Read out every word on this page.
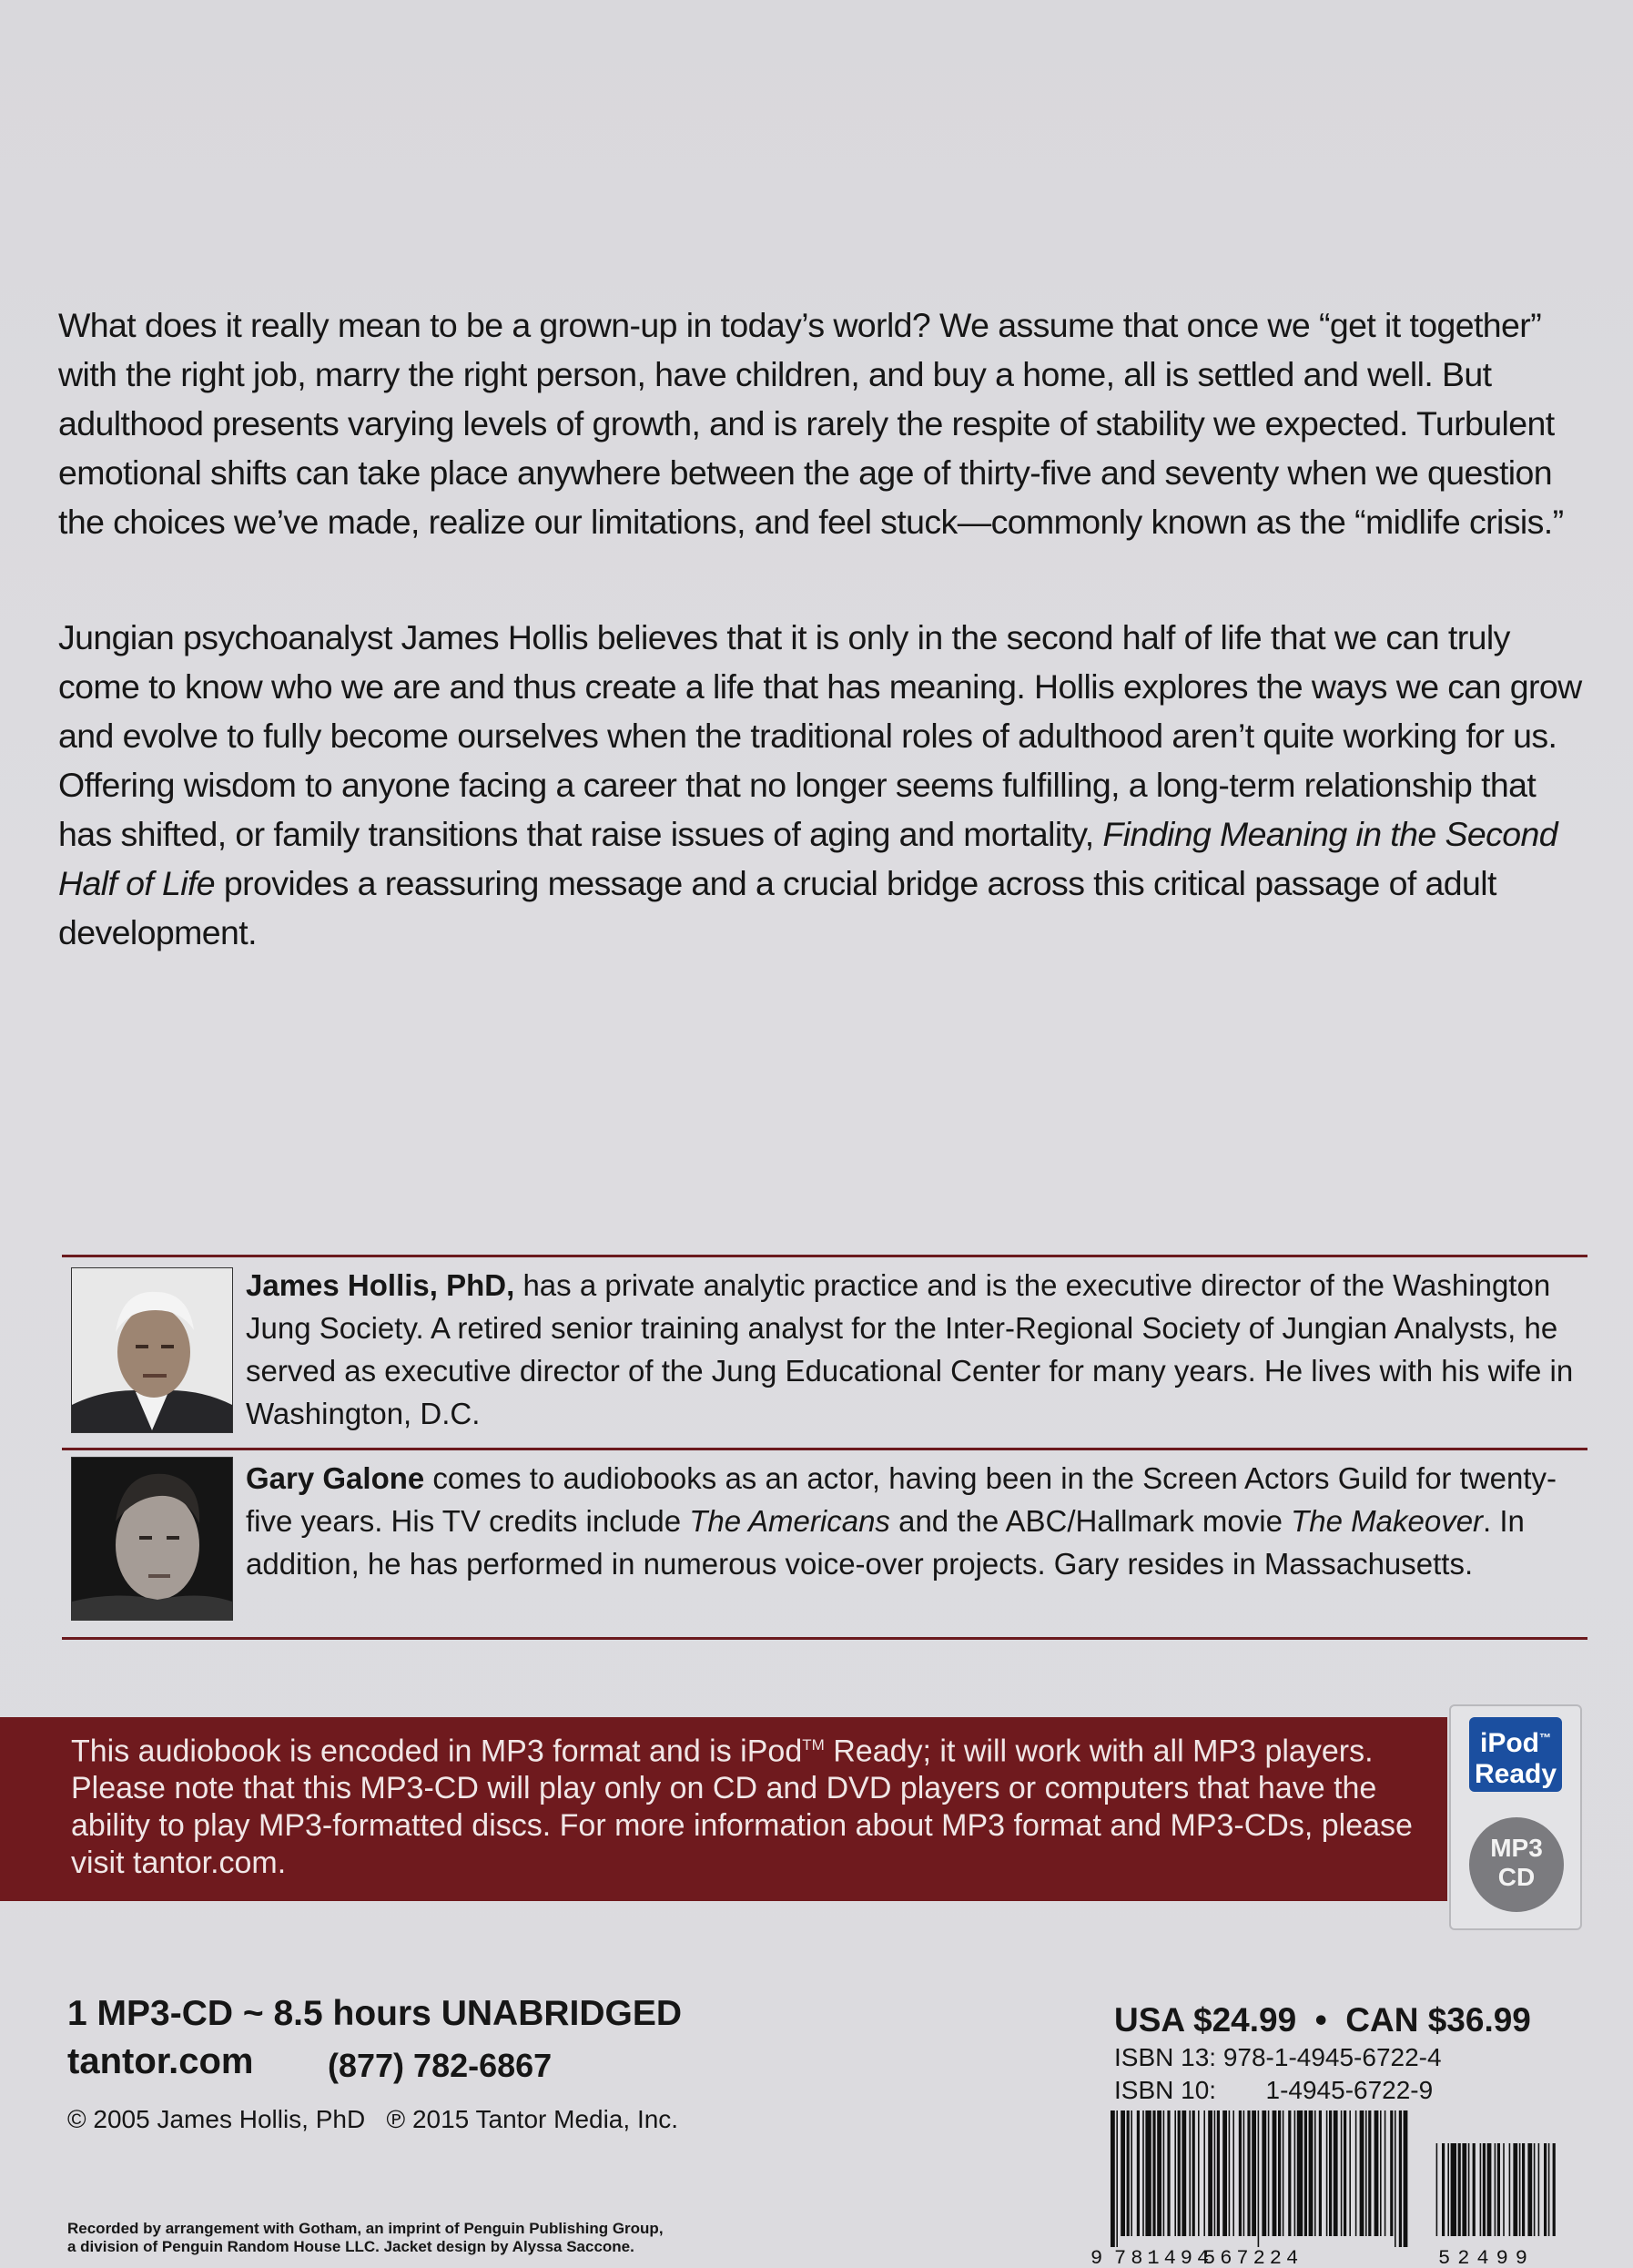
What does it really mean to be a grown-up in today’s world? We assume that once we “get it together” with the right job, marry the right person, have children, and buy a home, all is settled and well. But adulthood presents varying levels of growth, and is rarely the respite of stability we expected. Turbulent emotional shifts can take place anywhere between the age of thirty-five and seventy when we question the choices we’ve made, realize our limitations, and feel stuck—commonly known as the “midlife crisis.”

Jungian psychoanalyst James Hollis believes that it is only in the second half of life that we can truly come to know who we are and thus create a life that has meaning. Hollis explores the ways we can grow and evolve to fully become ourselves when the traditional roles of adulthood aren’t quite working for us. Offering wisdom to anyone facing a career that no longer seems fulfilling, a long-term relationship that has shifted, or family transitions that raise issues of aging and mortality, Finding Meaning in the Second Half of Life provides a reassuring message and a crucial bridge across this critical passage of adult development.

James Hollis, PhD, has a private analytic practice and is the executive director of the Washington Jung Society. A retired senior training analyst for the Inter-Regional Society of Jungian Analysts, he served as executive director of the Jung Educational Center for many years. He lives with his wife in Washington, D.C.
Gary Galone comes to audiobooks as an actor, having been in the Screen Actors Guild for twenty-five years. His TV credits include The Americans and the ABC/Hallmark movie The Makeover. In addition, he has performed in numerous voice-over projects. Gary resides in Massachusetts.
This audiobook is encoded in MP3 format and is iPod™ Ready; it will work with all MP3 players. Please note that this MP3-CD will play only on CD and DVD players or computers that have the ability to play MP3-formatted discs. For more information about MP3 format and MP3-CDs, please visit tantor.com.
iPod™
Ready
MP3
CD
1 MP3-CD ~ 8.5 hours UNABRIDGED
tantor.com (877) 782-6867
© 2005 James Hollis, PhD   ℗ 2015 Tantor Media, Inc.
Recorded by arrangement with Gotham, an imprint of Penguin Publishing Group,
a division of Penguin Random House LLC. Jacket design by Alyssa Saccone.
USA $24.99  •  CAN $36.99
ISBN 13: 978-1-4945-6722-4
ISBN 10:       1-4945-6722-9
9 781494
567224	52499
